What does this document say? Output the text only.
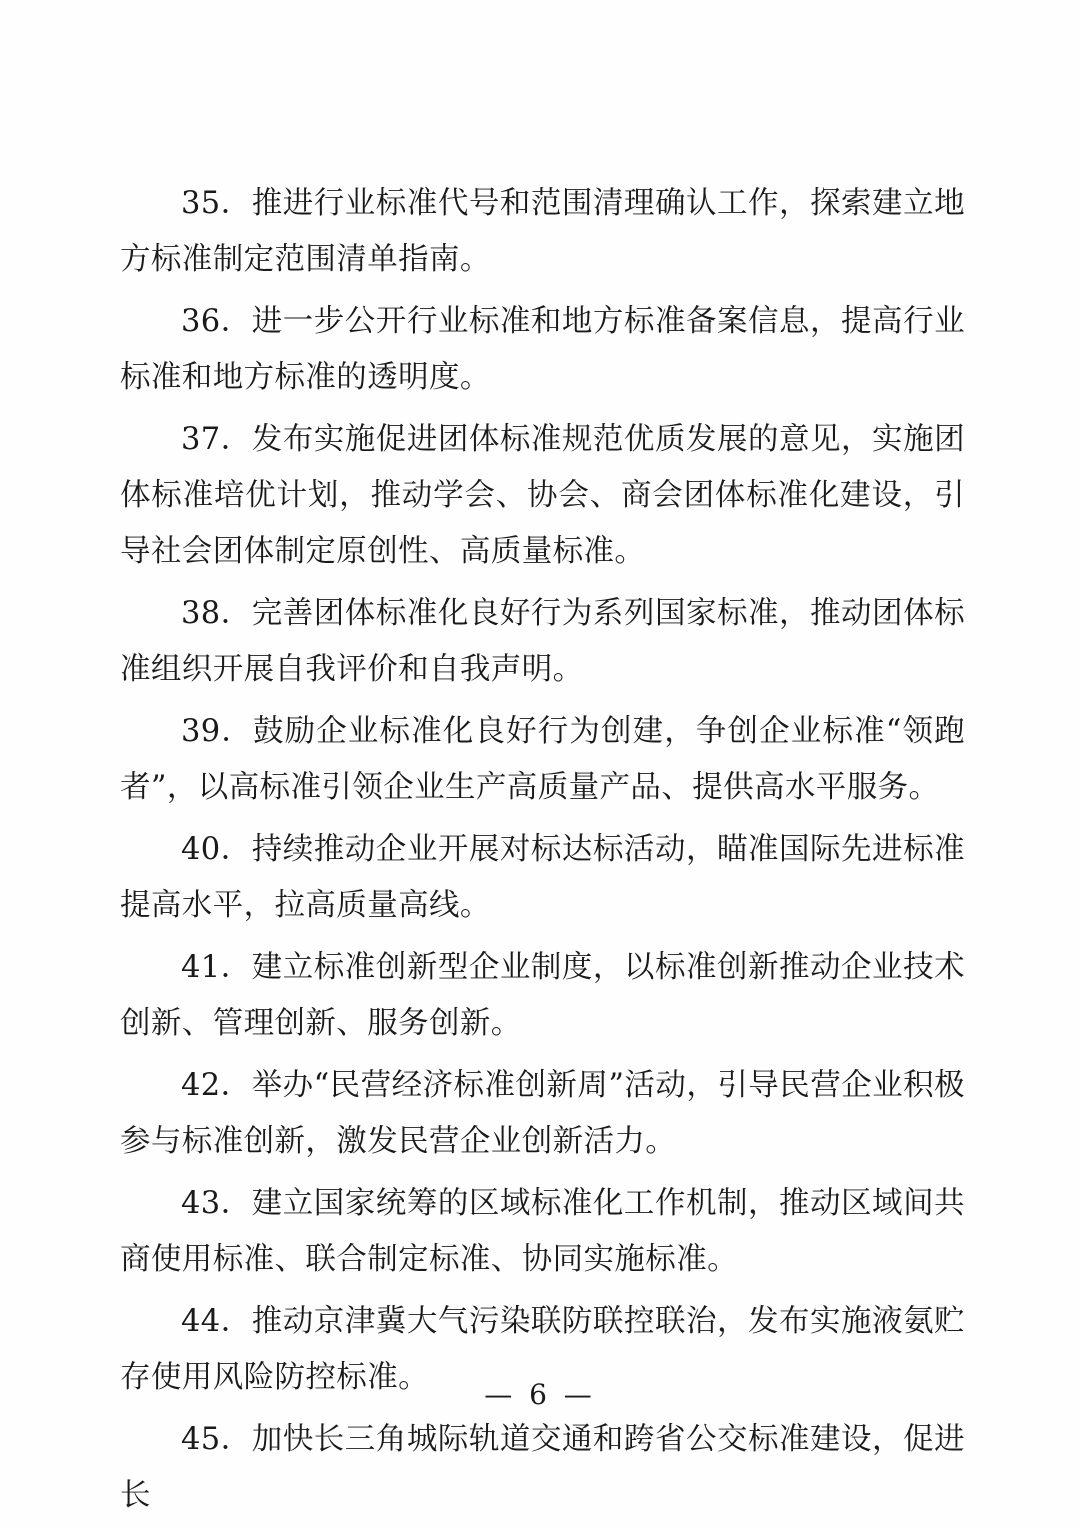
35．推进行业标准代号和范围清理确认工作，探索建立地方标准制定范围清单指南。

36．进一步公开行业标准和地方标准备案信息，提高行业标准和地方标准的透明度。

37．发布实施促进团体标准规范优质发展的意见，实施团体标准培优计划，推动学会、协会、商会团体标准化建设，引导社会团体制定原创性、高质量标准。

38．完善团体标准化良好行为系列国家标准，推动团体标准组织开展自我评价和自我声明。

39．鼓励企业标准化良好行为创建，争创企业标准“领跑者”，以高标准引领企业生产高质量产品、提供高水平服务。

40．持续推动企业开展对标达标活动，瞄准国际先进标准提高水平，拉高质量高线。

41．建立标准创新型企业制度，以标准创新推动企业技术创新、管理创新、服务创新。

42．举办“民营经济标准创新周”活动，引导民营企业积极参与标准创新，激发民营企业创新活力。

43．建立国家统筹的区域标准化工作机制，推动区域间共商使用标准、联合制定标准、协同实施标准。

44．推动京津冀大气污染联防联控联治，发布实施液氨贮存使用风险防控标准。

45．加快长三角城际轨道交通和跨省公交标准建设，促进长

— 6 —
